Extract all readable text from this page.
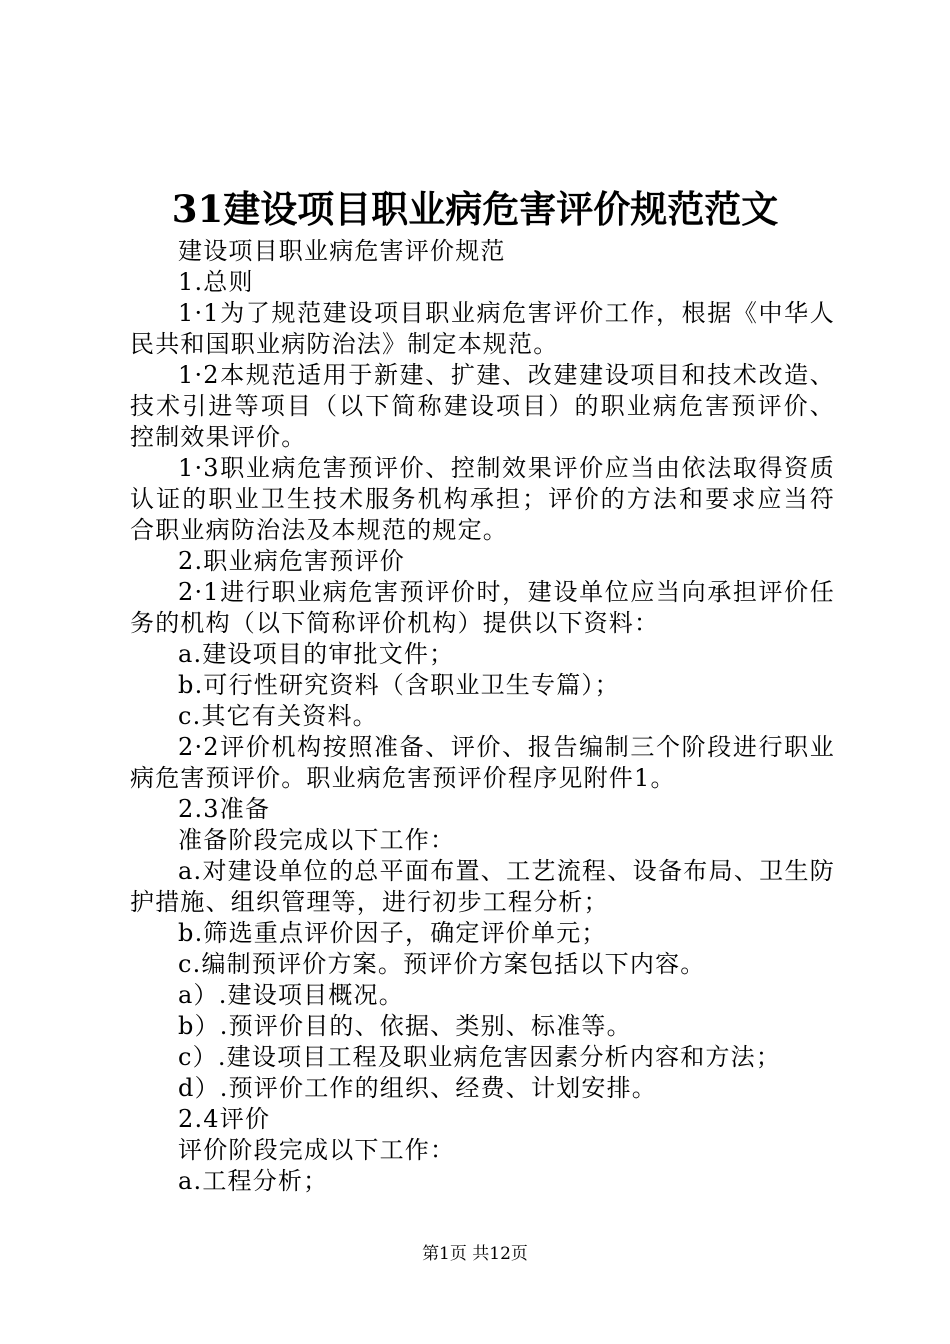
31建设项目职业病危害评价规范范文

建设项目职业病危害评价规范

1.总则

1·1为了规范建设项目职业病危害评价工作，根据《中华人民共和国职业病防治法》制定本规范。

1·2本规范适用于新建、扩建、改建建设项目和技术改造、技术引进等项目（以下简称建设项目）的职业病危害预评价、控制效果评价。

1·3职业病危害预评价、控制效果评价应当由依法取得资质认证的职业卫生技术服务机构承担；评价的方法和要求应当符合职业病防治法及本规范的规定。

2.职业病危害预评价

2·1进行职业病危害预评价时，建设单位应当向承担评价任务的机构（以下简称评价机构）提供以下资料：

a.建设项目的审批文件；

b.可行性研究资料（含职业卫生专篇）；

c.其它有关资料。

2·2评价机构按照准备、评价、报告编制三个阶段进行职业病危害预评价。职业病危害预评价程序见附件1。

2.3准备

准备阶段完成以下工作：

a.对建设单位的总平面布置、工艺流程、设备布局、卫生防护措施、组织管理等，进行初步工程分析；

b.筛选重点评价因子，确定评价单元；

c.编制预评价方案。预评价方案包括以下内容。

a）.建设项目概况。

b）.预评价目的、依据、类别、标准等。

c）.建设项目工程及职业病危害因素分析内容和方法；

d）.预评价工作的组织、经费、计划安排。

2.4评价

评价阶段完成以下工作：

a.工程分析；

第1页 共12页
